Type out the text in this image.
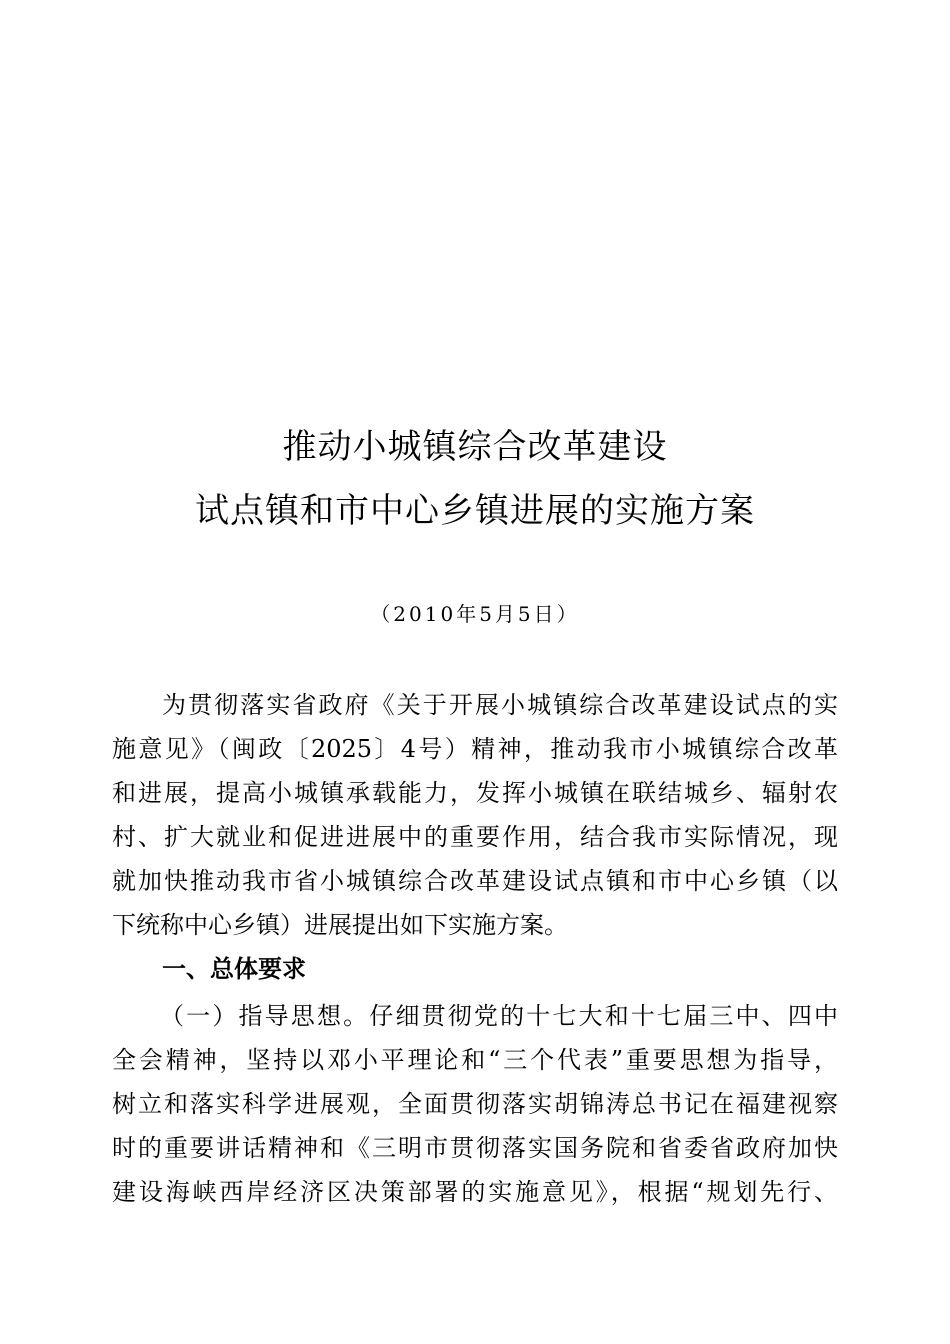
推动小城镇综合改革建设
试点镇和市中心乡镇进展的实施方案
（2010年5月5日）
为贯彻落实省政府《关于开展小城镇综合改革建设试点的实
施意见》（闽政〔2025〕4号）精神，推动我市小城镇综合改革
和进展，提高小城镇承载能力，发挥小城镇在联结城乡、辐射农
村、扩大就业和促进进展中的重要作用，结合我市实际情况，现
就加快推动我市省小城镇综合改革建设试点镇和市中心乡镇（以
下统称中心乡镇）进展提出如下实施方案。
一、总体要求
（一）指导思想。仔细贯彻党的十七大和十七届三中、四中
全会精神，坚持以邓小平理论和“三个代表”重要思想为指导，
树立和落实科学进展观，全面贯彻落实胡锦涛总书记在福建视察
时的重要讲话精神和《三明市贯彻落实国务院和省委省政府加快
建设海峡西岸经济区决策部署的实施意见》，根据“规划先行、
